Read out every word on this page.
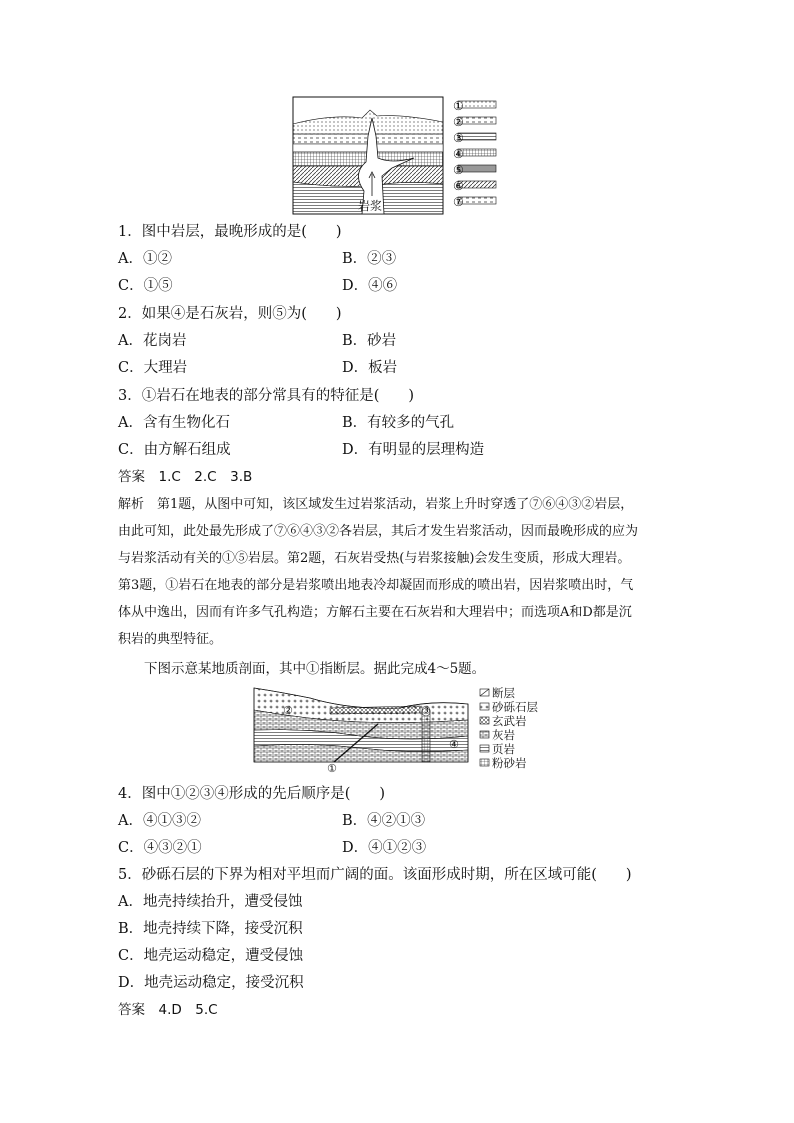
岩浆
①
②
③
④
⑤
⑥
⑦
1．图中岩层，最晚形成的是(　　)
A．①②	B．②③
C．①⑤	D．④⑥
2．如果④是石灰岩，则⑤为(　　)
A．花岗岩	B．砂岩
C．大理岩	D．板岩
3．①岩石在地表的部分常具有的特征是(　　)
A．含有生物化石	B．有较多的气孔
C．由方解石组成	D．有明显的层理构造
答案　1.C　2.C　3.B
解析　第1题，从图中可知，该区域发生过岩浆活动，岩浆上升时穿透了⑦⑥④③②岩层，
由此可知，此处最先形成了⑦⑥④③②各岩层，其后才发生岩浆活动，因而最晚形成的应为
与岩浆活动有关的①⑤岩层。第2题，石灰岩受热(与岩浆接触)会发生变质，形成大理岩。
第3题，①岩石在地表的部分是岩浆喷出地表冷却凝固而形成的喷出岩，因岩浆喷出时，气
体从中逸出，因而有许多气孔构造；方解石主要在石灰岩和大理岩中；而选项A和D都是沉
积岩的典型特征。
下图示意某地质剖面，其中①指断层。据此完成4～5题。
②	③
④
①
断层
砂砾石层
玄武岩
灰岩
页岩
粉砂岩
4．图中①②③④形成的先后顺序是(　　)
A．④①③②	B．④②①③
C．④③②①	D．④①②③
5．砂砾石层的下界为相对平坦而广阔的面。该面形成时期，所在区域可能(　　)
A．地壳持续抬升，遭受侵蚀
B．地壳持续下降，接受沉积
C．地壳运动稳定，遭受侵蚀
D．地壳运动稳定，接受沉积
答案　4.D　5.C
